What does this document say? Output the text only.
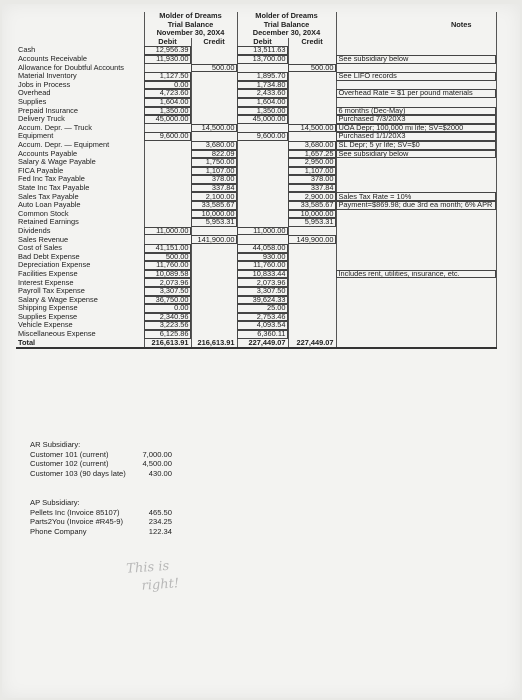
	Molder of Dreams		Molder of Dreams		
	Trial Balance		Trial Balance		Notes
	November 30, 20X4		December 30, 20X4		
	Debit	Credit	Debit	Credit	
Cash	12,956.39		13,511.63		
Accounts Receivable	11,930.00		13,700.00		See subsidiary below
Allowance for Doubtful Accounts		500.00		500.00	
Material Inventory	1,127.50		1,895.70		See LIFO records
Jobs in Process	0.00		1,734.80		
Overhead	4,723.60		2,433.60		Overhead Rate = $1 per pound materials
Supplies	1,604.00		1,604.00		
Prepaid Insurance	1,350.00		1,350.00		6 months (Dec-May)
Delivery Truck	45,000.00		45,000.00		Purchased 7/3/20X3
Accum. Depr. — Truck		14,500.00		14,500.00	UOA Depr; 100,000 mi life; SV=$2000
Equipment	9,600.00		9,600.00		Purchased 1/1/20X3
Accum. Depr. — Equipment		3,680.00		3,680.00	SL Depr; 5 yr life; SV=$0
Accounts Payable		822.09		1,657.25	See subsidiary below
Salary & Wage Payable		1,750.00		2,950.00	
FICA Payable		1,107.00		1,107.00	
Fed Inc Tax Payable		378.00		378.00	
State Inc Tax Payable		337.84		337.84	
Sales Tax Payable		2,100.00		2,900.00	Sales Tax Rate = 10%
Auto Loan Payable		33,585.67		33,585.67	Payment=$869.98; due 3rd ea month; 6% APR
Common Stock		10,000.00		10,000.00	
Retained Earnings		5,953.31		5,953.31	
Dividends	11,000.00		11,000.00		
Sales Revenue		141,900.00		149,900.00	
Cost of Sales	41,151.00		44,058.00		
Bad Debt Expense	500.00		930.00		
Depreciation Expense	11,760.00		11,760.00		
Facilities Expense	10,089.58		10,833.44		Includes rent, utilities, insurance, etc.
Interest Expense	2,073.96		2,073.96		
Payroll Tax Expense	3,307.50		3,307.50		
Salary & Wage Expense	36,750.00		39,624.33		
Shipping Expense	0.00		25.00		
Supplies Expense	2,340.96		2,753.46		
Vehicle Expense	3,223.56		4,093.54		
Miscellaneous Expense	6,125.86		6,360.11		
Total	216,613.91	216,613.91	227,449.07	227,449.07	
AR Subsidiary:
Customer 101 (current)	7,000.00
Customer 102 (current)	4,500.00
Customer 103 (90 days late)	430.00
AP Subsidiary:
Pellets Inc (Invoice 85107)	465.50
Parts2You (Invoice #R45-9)	234.25
Phone Company	122.34
This is
right!
